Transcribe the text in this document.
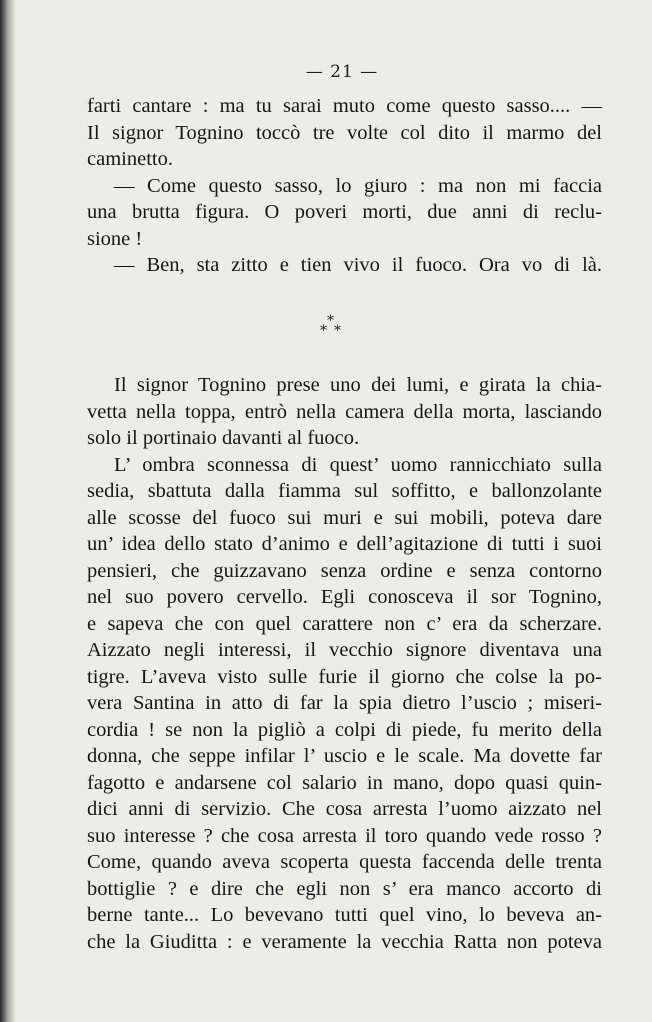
— 21 —
farti cantare : ma tu sarai muto come questo sasso.... —
Il signor Tognino toccò tre volte col dito il marmo del
caminetto.
— Come questo sasso, lo giuro : ma non mi faccia
una brutta figura. O poveri morti, due anni di reclu-
sione !
— Ben, sta zitto e tien vivo il fuoco. Ora vo di là.
*
* *
Il signor Tognino prese uno dei lumi, e girata la chia-
vetta nella toppa, entrò nella camera della morta, lasciando
solo il portinaio davanti al fuoco.
L’ ombra sconnessa di quest’ uomo rannicchiato sulla
sedia, sbattuta dalla fiamma sul soffitto, e ballonzolante
alle scosse del fuoco sui muri e sui mobili, poteva dare
un’ idea dello stato d’animo e dell’agitazione di tutti i suoi
pensieri, che guizzavano senza ordine e senza contorno
nel suo povero cervello. Egli conosceva il sor Tognino,
e sapeva che con quel carattere non c’ era da scherzare.
Aizzato negli interessi, il vecchio signore diventava una
tigre. L’aveva visto sulle furie il giorno che colse la po-
vera Santina in atto di far la spia dietro l’uscio ; miseri-
cordia ! se non la pigliò a colpi di piede, fu merito della
donna, che seppe infilar l’ uscio e le scale. Ma dovette far
fagotto e andarsene col salario in mano, dopo quasi quin-
dici anni di servizio. Che cosa arresta l’uomo aizzato nel
suo interesse ? che cosa arresta il toro quando vede rosso ?
Come, quando aveva scoperta questa faccenda delle trenta
bottiglie ? e dire che egli non s’ era manco accorto di
berne tante... Lo bevevano tutti quel vino, lo beveva an-
che la Giuditta : e veramente la vecchia Ratta non poteva
